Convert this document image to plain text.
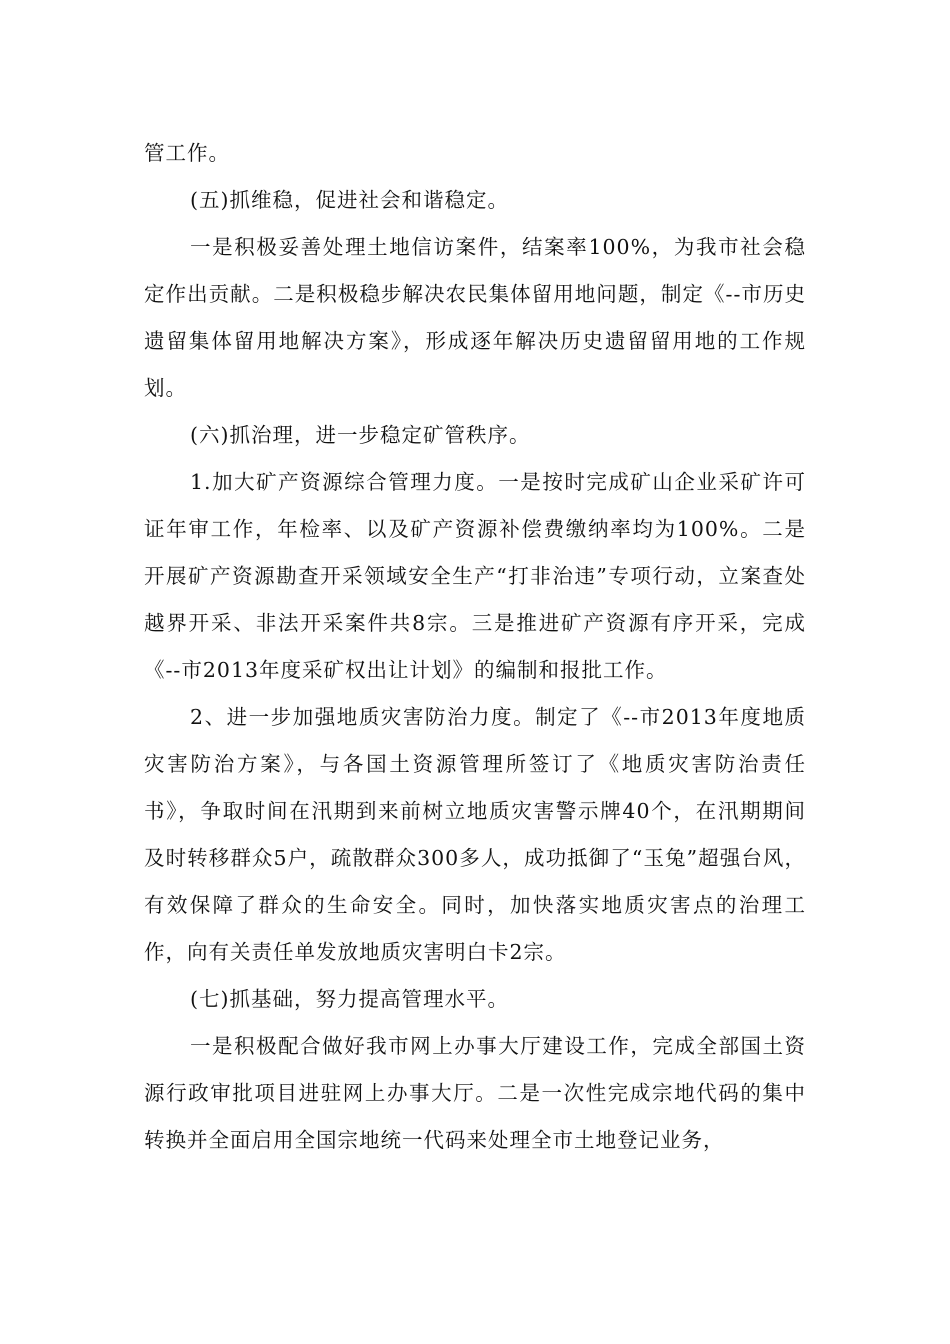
管工作。

(五)抓维稳，促进社会和谐稳定。

一是积极妥善处理土地信访案件，结案率100%，为我市社会稳定作出贡献。二是积极稳步解决农民集体留用地问题，制定《--市历史遗留集体留用地解决方案》，形成逐年解决历史遗留留用地的工作规划。

(六)抓治理，进一步稳定矿管秩序。

1.加大矿产资源综合管理力度。一是按时完成矿山企业采矿许可证年审工作，年检率、以及矿产资源补偿费缴纳率均为100%。二是开展矿产资源勘查开采领域安全生产“打非治违”专项行动，立案查处越界开采、非法开采案件共8宗。三是推进矿产资源有序开采，完成《--市2013年度采矿权出让计划》的编制和报批工作。

2、进一步加强地质灾害防治力度。制定了《--市2013年度地质灾害防治方案》，与各国土资源管理所签订了《地质灾害防治责任书》，争取时间在汛期到来前树立地质灾害警示牌40个，在汛期期间及时转移群众5户，疏散群众300多人，成功抵御了“玉兔”超强台风，有效保障了群众的生命安全。同时，加快落实地质灾害点的治理工作，向有关责任单发放地质灾害明白卡2宗。

(七)抓基础，努力提高管理水平。

一是积极配合做好我市网上办事大厅建设工作，完成全部国土资源行政审批项目进驻网上办事大厅。二是一次性完成宗地代码的集中转换并全面启用全国宗地统一代码来处理全市土地登记业务，
